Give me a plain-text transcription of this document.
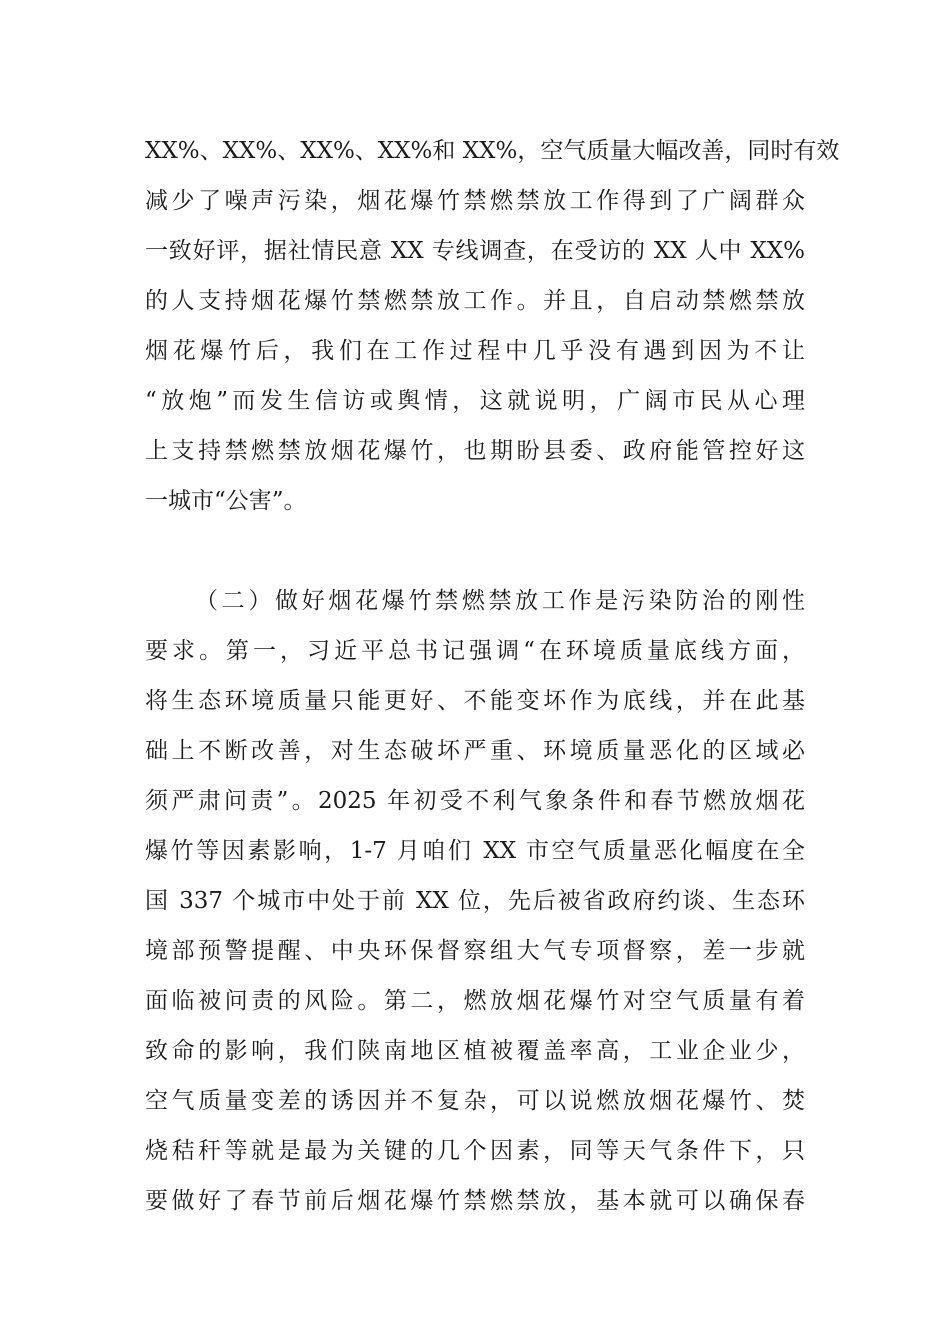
XX%、XX%、XX%、XX%和 XX%，空气质量大幅改善，同时有效
减少了噪声污染，烟花爆竹禁燃禁放工作得到了广阔群众
一致好评，据社情民意 XX 专线调查，在受访的 XX 人中 XX%
的人支持烟花爆竹禁燃禁放工作。并且，自启动禁燃禁放
烟花爆竹后，我们在工作过程中几乎没有遇到因为不让
“放炮”而发生信访或舆情，这就说明，广阔市民从心理
上支持禁燃禁放烟花爆竹，也期盼县委、政府能管控好这
一城市“公害”。
（二）做好烟花爆竹禁燃禁放工作是污染防治的刚性
要求。第一，习近平总书记强调“在环境质量底线方面，
将生态环境质量只能更好、不能变坏作为底线，并在此基
础上不断改善，对生态破坏严重、环境质量恶化的区域必
须严肃问责”。2025 年初受不利气象条件和春节燃放烟花
爆竹等因素影响，1-7 月咱们 XX 市空气质量恶化幅度在全
国 337 个城市中处于前 XX 位，先后被省政府约谈、生态环
境部预警提醒、中央环保督察组大气专项督察，差一步就
面临被问责的风险。第二，燃放烟花爆竹对空气质量有着
致命的影响，我们陕南地区植被覆盖率高，工业企业少，
空气质量变差的诱因并不复杂，可以说燃放烟花爆竹、焚
烧秸秆等就是最为关键的几个因素，同等天气条件下，只
要做好了春节前后烟花爆竹禁燃禁放，基本就可以确保春
